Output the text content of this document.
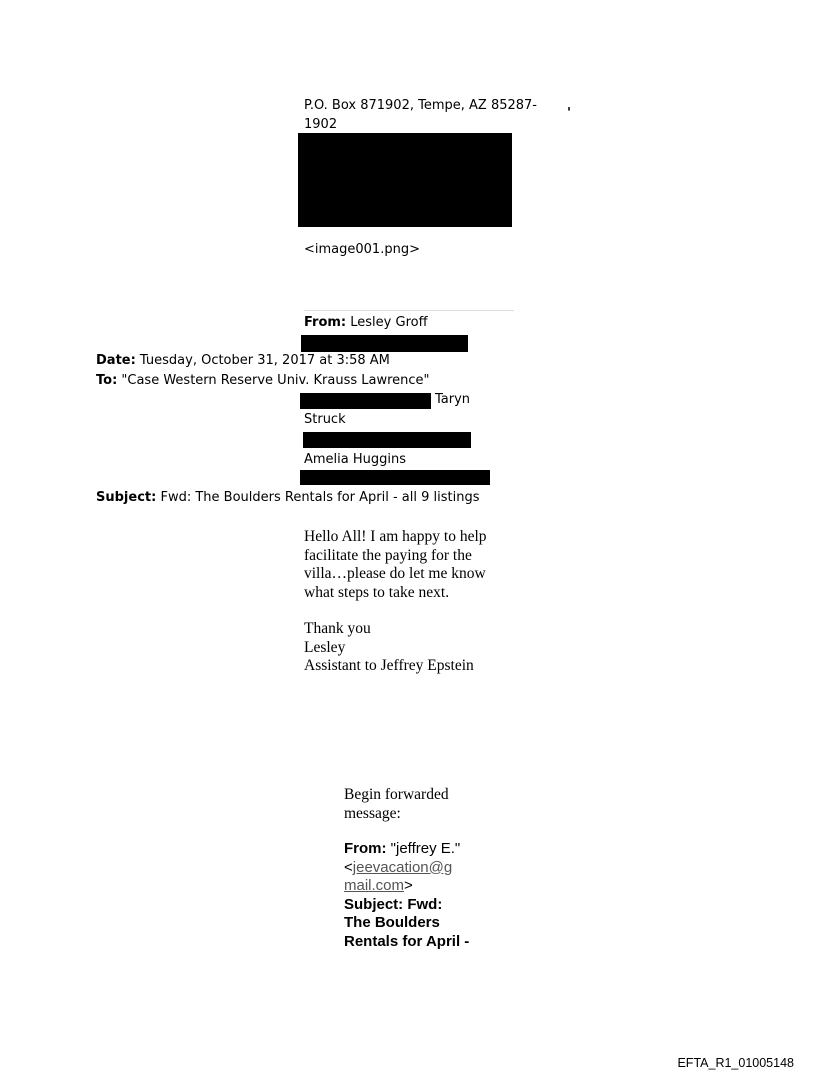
P.O. Box 871902, Tempe, AZ 85287-
1902
'
<image001.png>
From: Lesley Groff
Date: Tuesday, October 31, 2017 at 3:58 AM
To: "Case Western Reserve Univ. Krauss Lawrence"
Taryn
Struck
Amelia Huggins
Subject: Fwd: The Boulders Rentals for April - all 9 listings
Hello All! I am happy to help
facilitate the paying for the
villa…please do let me know
what steps to take next.
Thank you
Lesley
Assistant to Jeffrey Epstein
Begin forwarded
message:
From: "jeffrey E."
<jeevacation@g
mail.com>
Subject: Fwd:
The Boulders
Rentals for April -
EFTA_R1_01005148
